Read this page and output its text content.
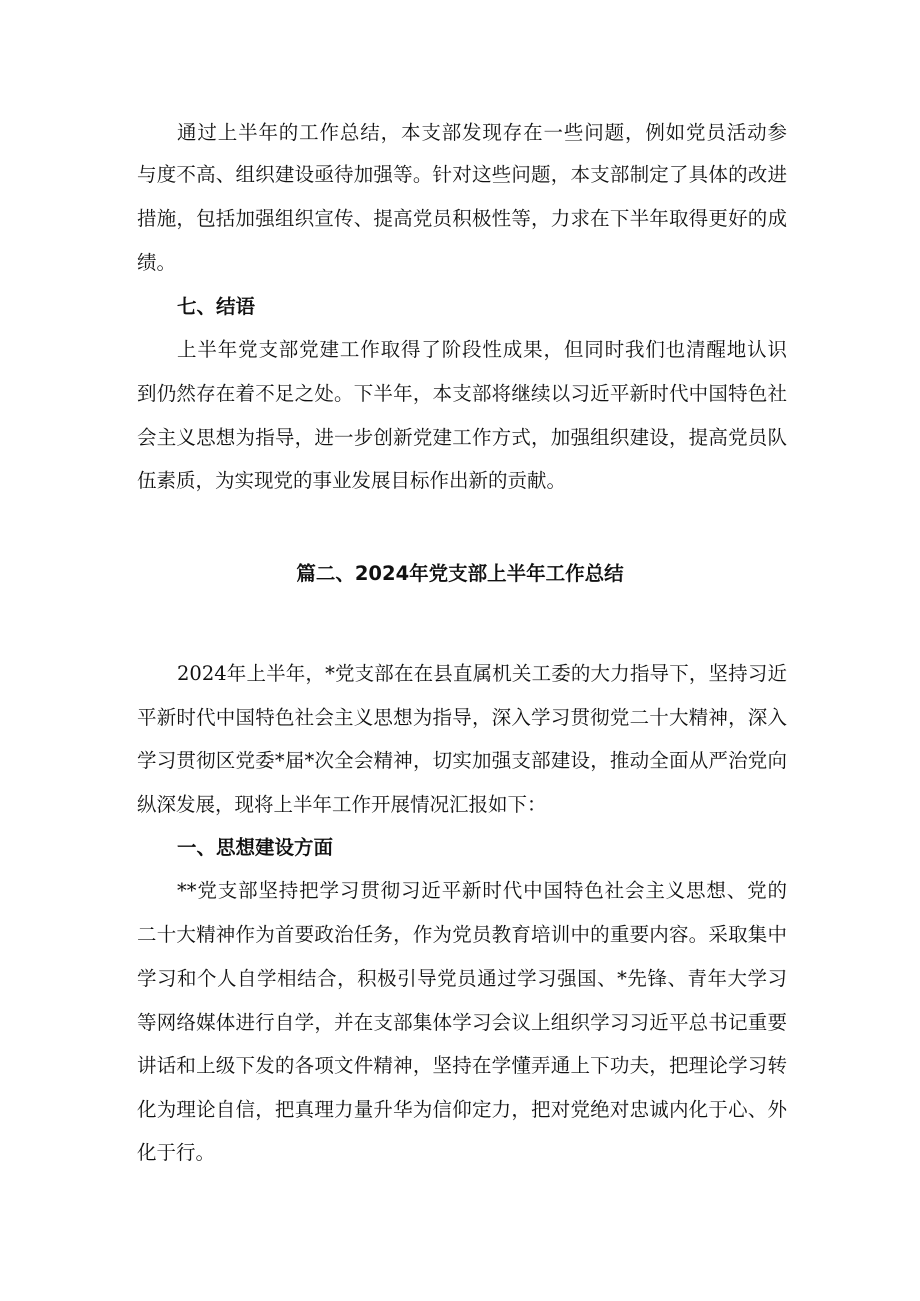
通过上半年的工作总结，本支部发现存在一些问题，例如党员活动参
与度不高、组织建设亟待加强等。针对这些问题，本支部制定了具体的改进
措施，包括加强组织宣传、提高党员积极性等，力求在下半年取得更好的成
绩。
七、结语
上半年党支部党建工作取得了阶段性成果，但同时我们也清醒地认识
到仍然存在着不足之处。下半年，本支部将继续以习近平新时代中国特色社
会主义思想为指导，进一步创新党建工作方式，加强组织建设，提高党员队
伍素质，为实现党的事业发展目标作出新的贡献。
篇二、2024年党支部上半年工作总结
2024年上半年，*党支部在在县直属机关工委的大力指导下，坚持习近
平新时代中国特色社会主义思想为指导，深入学习贯彻党二十大精神，深入
学习贯彻区党委*届*次全会精神，切实加强支部建设，推动全面从严治党向
纵深发展，现将上半年工作开展情况汇报如下：
一、思想建设方面
**党支部坚持把学习贯彻习近平新时代中国特色社会主义思想、党的
二十大精神作为首要政治任务，作为党员教育培训中的重要内容。采取集中
学习和个人自学相结合，积极引导党员通过学习强国、*先锋、青年大学习
等网络媒体进行自学，并在支部集体学习会议上组织学习习近平总书记重要
讲话和上级下发的各项文件精神，坚持在学懂弄通上下功夫，把理论学习转
化为理论自信，把真理力量升华为信仰定力，把对党绝对忠诚内化于心、外
化于行。
